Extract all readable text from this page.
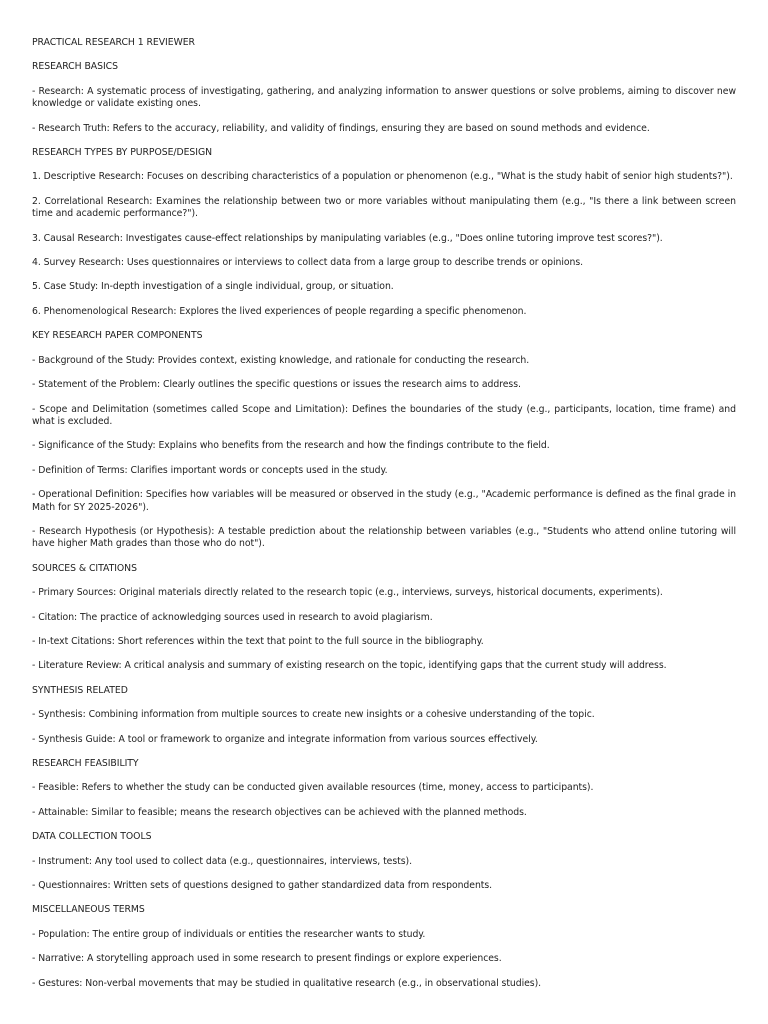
PRACTICAL RESEARCH 1 REVIEWER

RESEARCH BASICS

- Research: A systematic process of investigating, gathering, and analyzing information to answer questions or solve problems, aiming to discover new knowledge or validate existing ones.

- Research Truth: Refers to the accuracy, reliability, and validity of findings, ensuring they are based on sound methods and evidence.

RESEARCH TYPES BY PURPOSE/DESIGN

1. Descriptive Research: Focuses on describing characteristics of a population or phenomenon (e.g., "What is the study habit of senior high students?").

2. Correlational Research: Examines the relationship between two or more variables without manipulating them (e.g., "Is there a link between screen time and academic performance?").

3. Causal Research: Investigates cause-effect relationships by manipulating variables (e.g., "Does online tutoring improve test scores?").

4. Survey Research: Uses questionnaires or interviews to collect data from a large group to describe trends or opinions.

5. Case Study: In-depth investigation of a single individual, group, or situation.

6. Phenomenological Research: Explores the lived experiences of people regarding a specific phenomenon.

KEY RESEARCH PAPER COMPONENTS

- Background of the Study: Provides context, existing knowledge, and rationale for conducting the research.

- Statement of the Problem: Clearly outlines the specific questions or issues the research aims to address.

- Scope and Delimitation (sometimes called Scope and Limitation): Defines the boundaries of the study (e.g., participants, location, time frame) and what is excluded.

- Significance of the Study: Explains who benefits from the research and how the findings contribute to the field.

- Definition of Terms: Clarifies important words or concepts used in the study.

- Operational Definition: Specifies how variables will be measured or observed in the study (e.g., "Academic performance is defined as the final grade in Math for SY 2025-2026").

- Research Hypothesis (or Hypothesis): A testable prediction about the relationship between variables (e.g., "Students who attend online tutoring will have higher Math grades than those who do not").

SOURCES & CITATIONS

- Primary Sources: Original materials directly related to the research topic (e.g., interviews, surveys, historical documents, experiments).

- Citation: The practice of acknowledging sources used in research to avoid plagiarism.

- In-text Citations: Short references within the text that point to the full source in the bibliography.

- Literature Review: A critical analysis and summary of existing research on the topic, identifying gaps that the current study will address.

SYNTHESIS RELATED

- Synthesis: Combining information from multiple sources to create new insights or a cohesive understanding of the topic.

- Synthesis Guide: A tool or framework to organize and integrate information from various sources effectively.

RESEARCH FEASIBILITY

- Feasible: Refers to whether the study can be conducted given available resources (time, money, access to participants).

- Attainable: Similar to feasible; means the research objectives can be achieved with the planned methods.

DATA COLLECTION TOOLS

- Instrument: Any tool used to collect data (e.g., questionnaires, interviews, tests).

- Questionnaires: Written sets of questions designed to gather standardized data from respondents.

MISCELLANEOUS TERMS

- Population: The entire group of individuals or entities the researcher wants to study.

- Narrative: A storytelling approach used in some research to present findings or explore experiences.

- Gestures: Non-verbal movements that may be studied in qualitative research (e.g., in observational studies).
